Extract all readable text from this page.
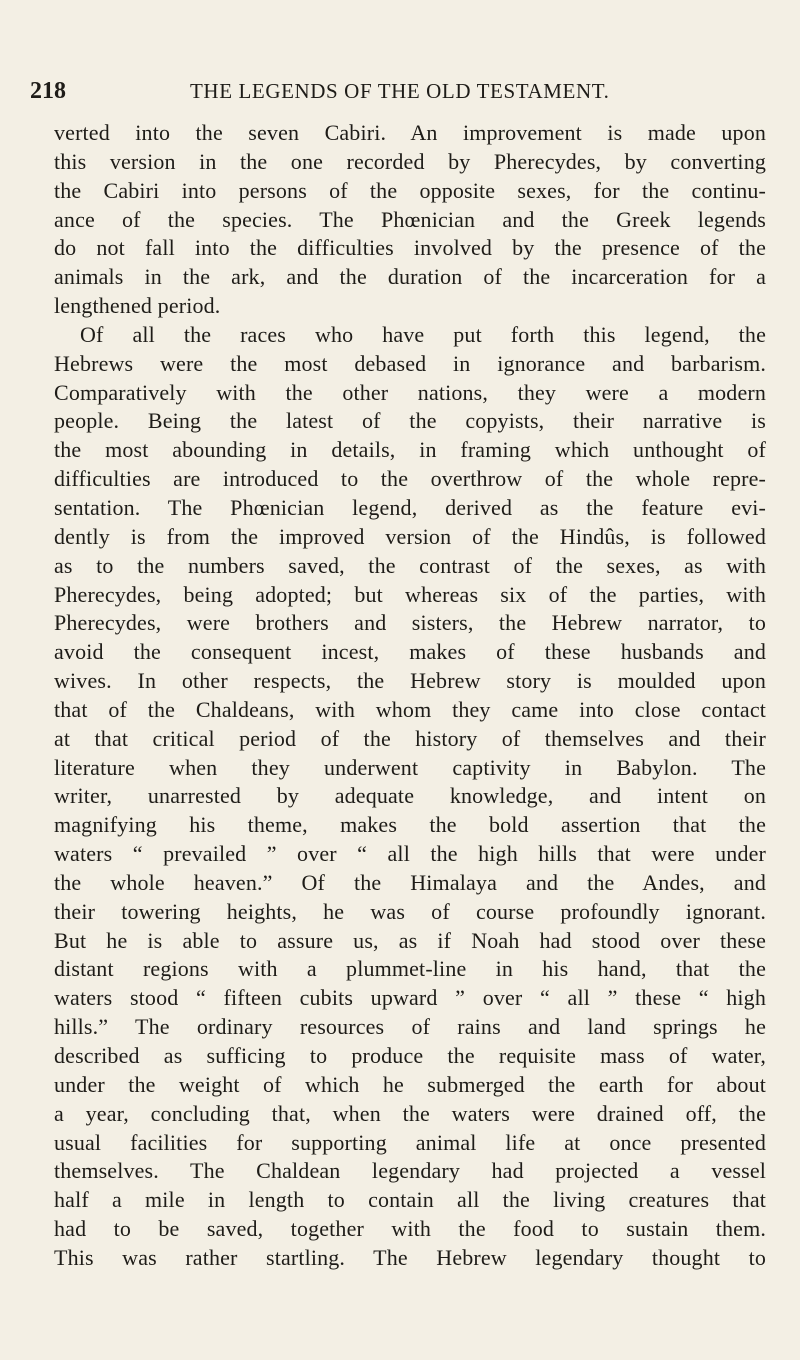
218	THE LEGENDS OF THE OLD TESTAMENT.
verted into the seven Cabiri. An improvement is made upon
this version in the one recorded by Pherecydes, by converting
the Cabiri into persons of the opposite sexes, for the continu-
ance of the species. The Phœnician and the Greek legends
do not fall into the difficulties involved by the presence of the
animals in the ark, and the duration of the incarceration for a
lengthened period.
Of all the races who have put forth this legend, the
Hebrews were the most debased in ignorance and barbarism.
Comparatively with the other nations, they were a modern
people. Being the latest of the copyists, their narrative is
the most abounding in details, in framing which unthought of
difficulties are introduced to the overthrow of the whole repre-
sentation. The Phœnician legend, derived as the feature evi-
dently is from the improved version of the Hindûs, is followed
as to the numbers saved, the contrast of the sexes, as with
Pherecydes, being adopted; but whereas six of the parties, with
Pherecydes, were brothers and sisters, the Hebrew narrator, to
avoid the consequent incest, makes of these husbands and
wives. In other respects, the Hebrew story is moulded upon
that of the Chaldeans, with whom they came into close contact
at that critical period of the history of themselves and their
literature when they underwent captivity in Babylon. The
writer, unarrested by adequate knowledge, and intent on
magnifying his theme, makes the bold assertion that the
waters “ prevailed ” over “ all the high hills that were under
the whole heaven.” Of the Himalaya and the Andes, and
their towering heights, he was of course profoundly ignorant.
But he is able to assure us, as if Noah had stood over these
distant regions with a plummet-line in his hand, that the
waters stood “ fifteen cubits upward ” over “ all ” these “ high
hills.” The ordinary resources of rains and land springs he
described as sufficing to produce the requisite mass of water,
under the weight of which he submerged the earth for about
a year, concluding that, when the waters were drained off, the
usual facilities for supporting animal life at once presented
themselves. The Chaldean legendary had projected a vessel
half a mile in length to contain all the living creatures that
had to be saved, together with the food to sustain them.
This was rather startling. The Hebrew legendary thought to
